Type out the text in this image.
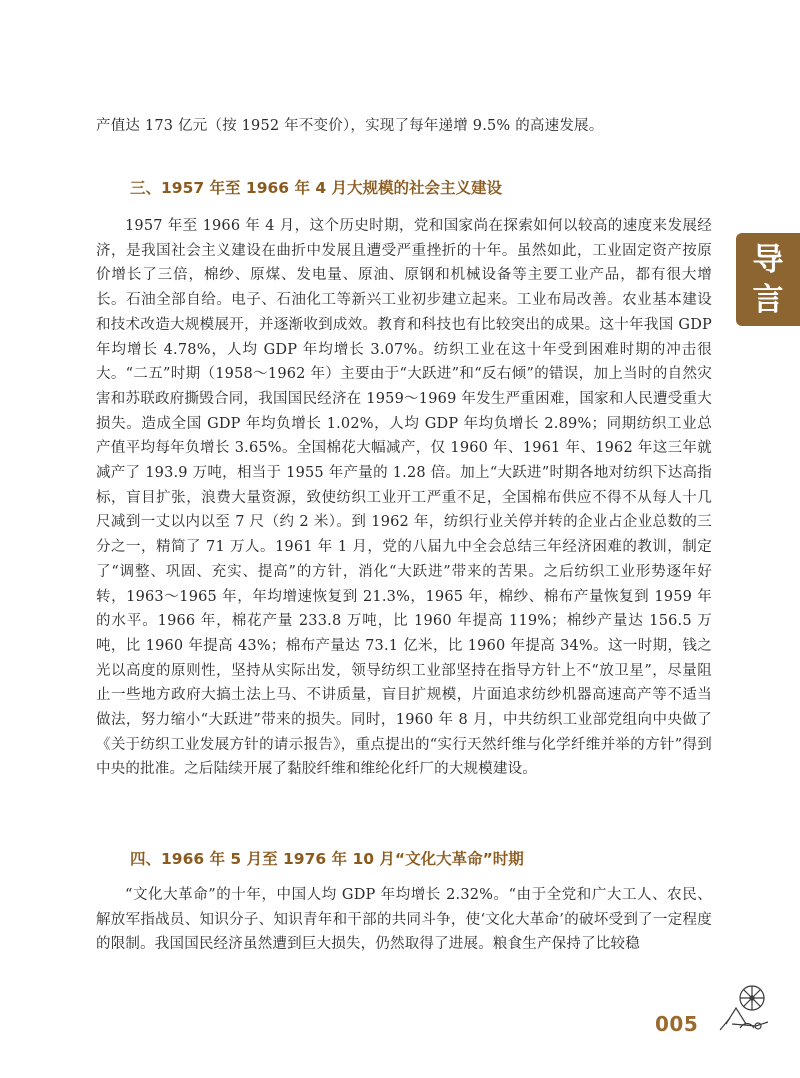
产值达 173 亿元（按 1952 年不变价），实现了每年递增 9.5% 的高速发展。

三、1957 年至 1966 年 4 月大规模的社会主义建设

1957 年至 1966 年 4 月，这个历史时期，党和国家尚在探索如何以较高的速度来发展经济，是我国社会主义建设在曲折中发展且遭受严重挫折的十年。虽然如此，工业固定资产按原价增长了三倍，棉纱、原煤、发电量、原油、原钢和机械设备等主要工业产品，都有很大增长。石油全部自给。电子、石油化工等新兴工业初步建立起来。工业布局改善。农业基本建设和技术改造大规模展开，并逐渐收到成效。教育和科技也有比较突出的成果。这十年我国 GDP 年均增长 4.78%，人均 GDP 年均增长 3.07%。纺织工业在这十年受到困难时期的冲击很大。“二五”时期（1958～1962 年）主要由于“大跃进”和“反右倾”的错误，加上当时的自然灾害和苏联政府撕毁合同，我国国民经济在 1959～1969 年发生严重困难，国家和人民遭受重大损失。造成全国 GDP 年均负增长 1.02%，人均 GDP 年均负增长 2.89%；同期纺织工业总产值平均每年负增长 3.65%。全国棉花大幅减产，仅 1960 年、1961 年、1962 年这三年就减产了 193.9 万吨，相当于 1955 年产量的 1.28 倍。加上“大跃进”时期各地对纺织下达高指标，盲目扩张，浪费大量资源，致使纺织工业开工严重不足，全国棉布供应不得不从每人十几尺减到一丈以内以至 7 尺（约 2 米）。到 1962 年，纺织行业关停并转的企业占企业总数的三分之一，精简了 71 万人。1961 年 1 月，党的八届九中全会总结三年经济困难的教训，制定了“调整、巩固、充实、提高”的方针，消化“大跃进”带来的苦果。之后纺织工业形势逐年好转，1963～1965 年，年均增速恢复到 21.3%，1965 年，棉纱、棉布产量恢复到 1959 年的水平。1966 年，棉花产量 233.8 万吨，比 1960 年提高 119%；棉纱产量达 156.5 万吨，比 1960 年提高 43%；棉布产量达 73.1 亿米，比 1960 年提高 34%。这一时期，钱之光以高度的原则性，坚持从实际出发，领导纺织工业部坚持在指导方针上不“放卫星”，尽量阻止一些地方政府大搞土法上马、不讲质量，盲目扩规模，片面追求纺纱机器高速高产等不适当做法，努力缩小“大跃进”带来的损失。同时，1960 年 8 月，中共纺织工业部党组向中央做了《关于纺织工业发展方针的请示报告》，重点提出的“实行天然纤维与化学纤维并举的方针”得到中央的批准。之后陆续开展了黏胶纤维和维纶化纤厂的大规模建设。

四、1966 年 5 月至 1976 年 10 月“文化大革命”时期

“文化大革命”的十年，中国人均 GDP 年均增长 2.32%。“由于全党和广大工人、农民、解放军指战员、知识分子、知识青年和干部的共同斗争，使‘文化大革命’的破坏受到了一定程度的限制。我国国民经济虽然遭到巨大损失，仍然取得了进展。粮食生产保持了比较稳

导
言
005
